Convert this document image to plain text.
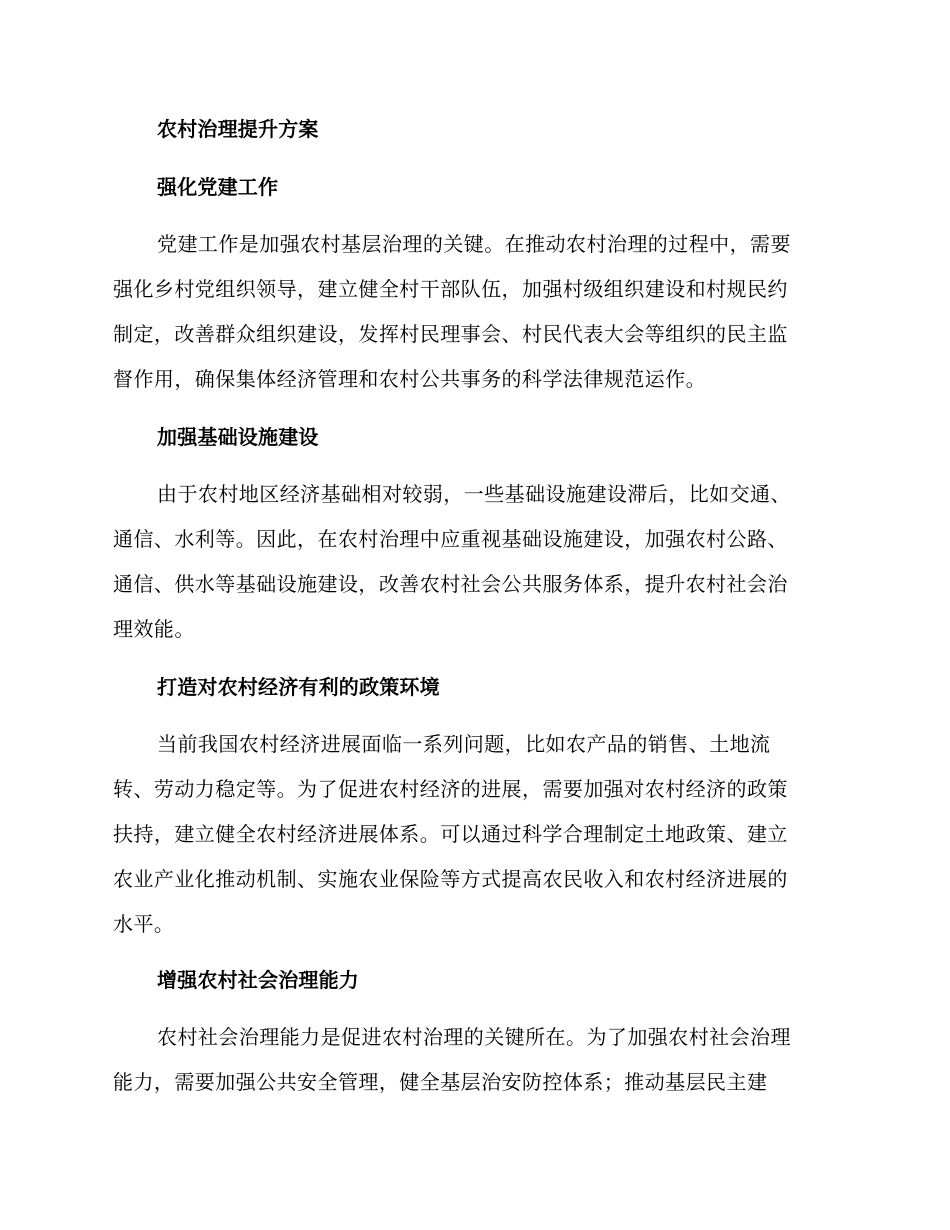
农村治理提升方案
强化党建工作
党建工作是加强农村基层治理的关键。在推动农村治理的过程中，需要
强化乡村党组织领导，建立健全村干部队伍，加强村级组织建设和村规民约
制定，改善群众组织建设，发挥村民理事会、村民代表大会等组织的民主监
督作用，确保集体经济管理和农村公共事务的科学法律规范运作。
加强基础设施建设
由于农村地区经济基础相对较弱，一些基础设施建设滞后，比如交通、
通信、水利等。因此，在农村治理中应重视基础设施建设，加强农村公路、
通信、供水等基础设施建设，改善农村社会公共服务体系，提升农村社会治
理效能。
打造对农村经济有利的政策环境
当前我国农村经济进展面临一系列问题，比如农产品的销售、土地流
转、劳动力稳定等。为了促进农村经济的进展，需要加强对农村经济的政策
扶持，建立健全农村经济进展体系。可以通过科学合理制定土地政策、建立
农业产业化推动机制、实施农业保险等方式提高农民收入和农村经济进展的
水平。
增强农村社会治理能力
农村社会治理能力是促进农村治理的关键所在。为了加强农村社会治理
能力，需要加强公共安全管理，健全基层治安防控体系；推动基层民主建
